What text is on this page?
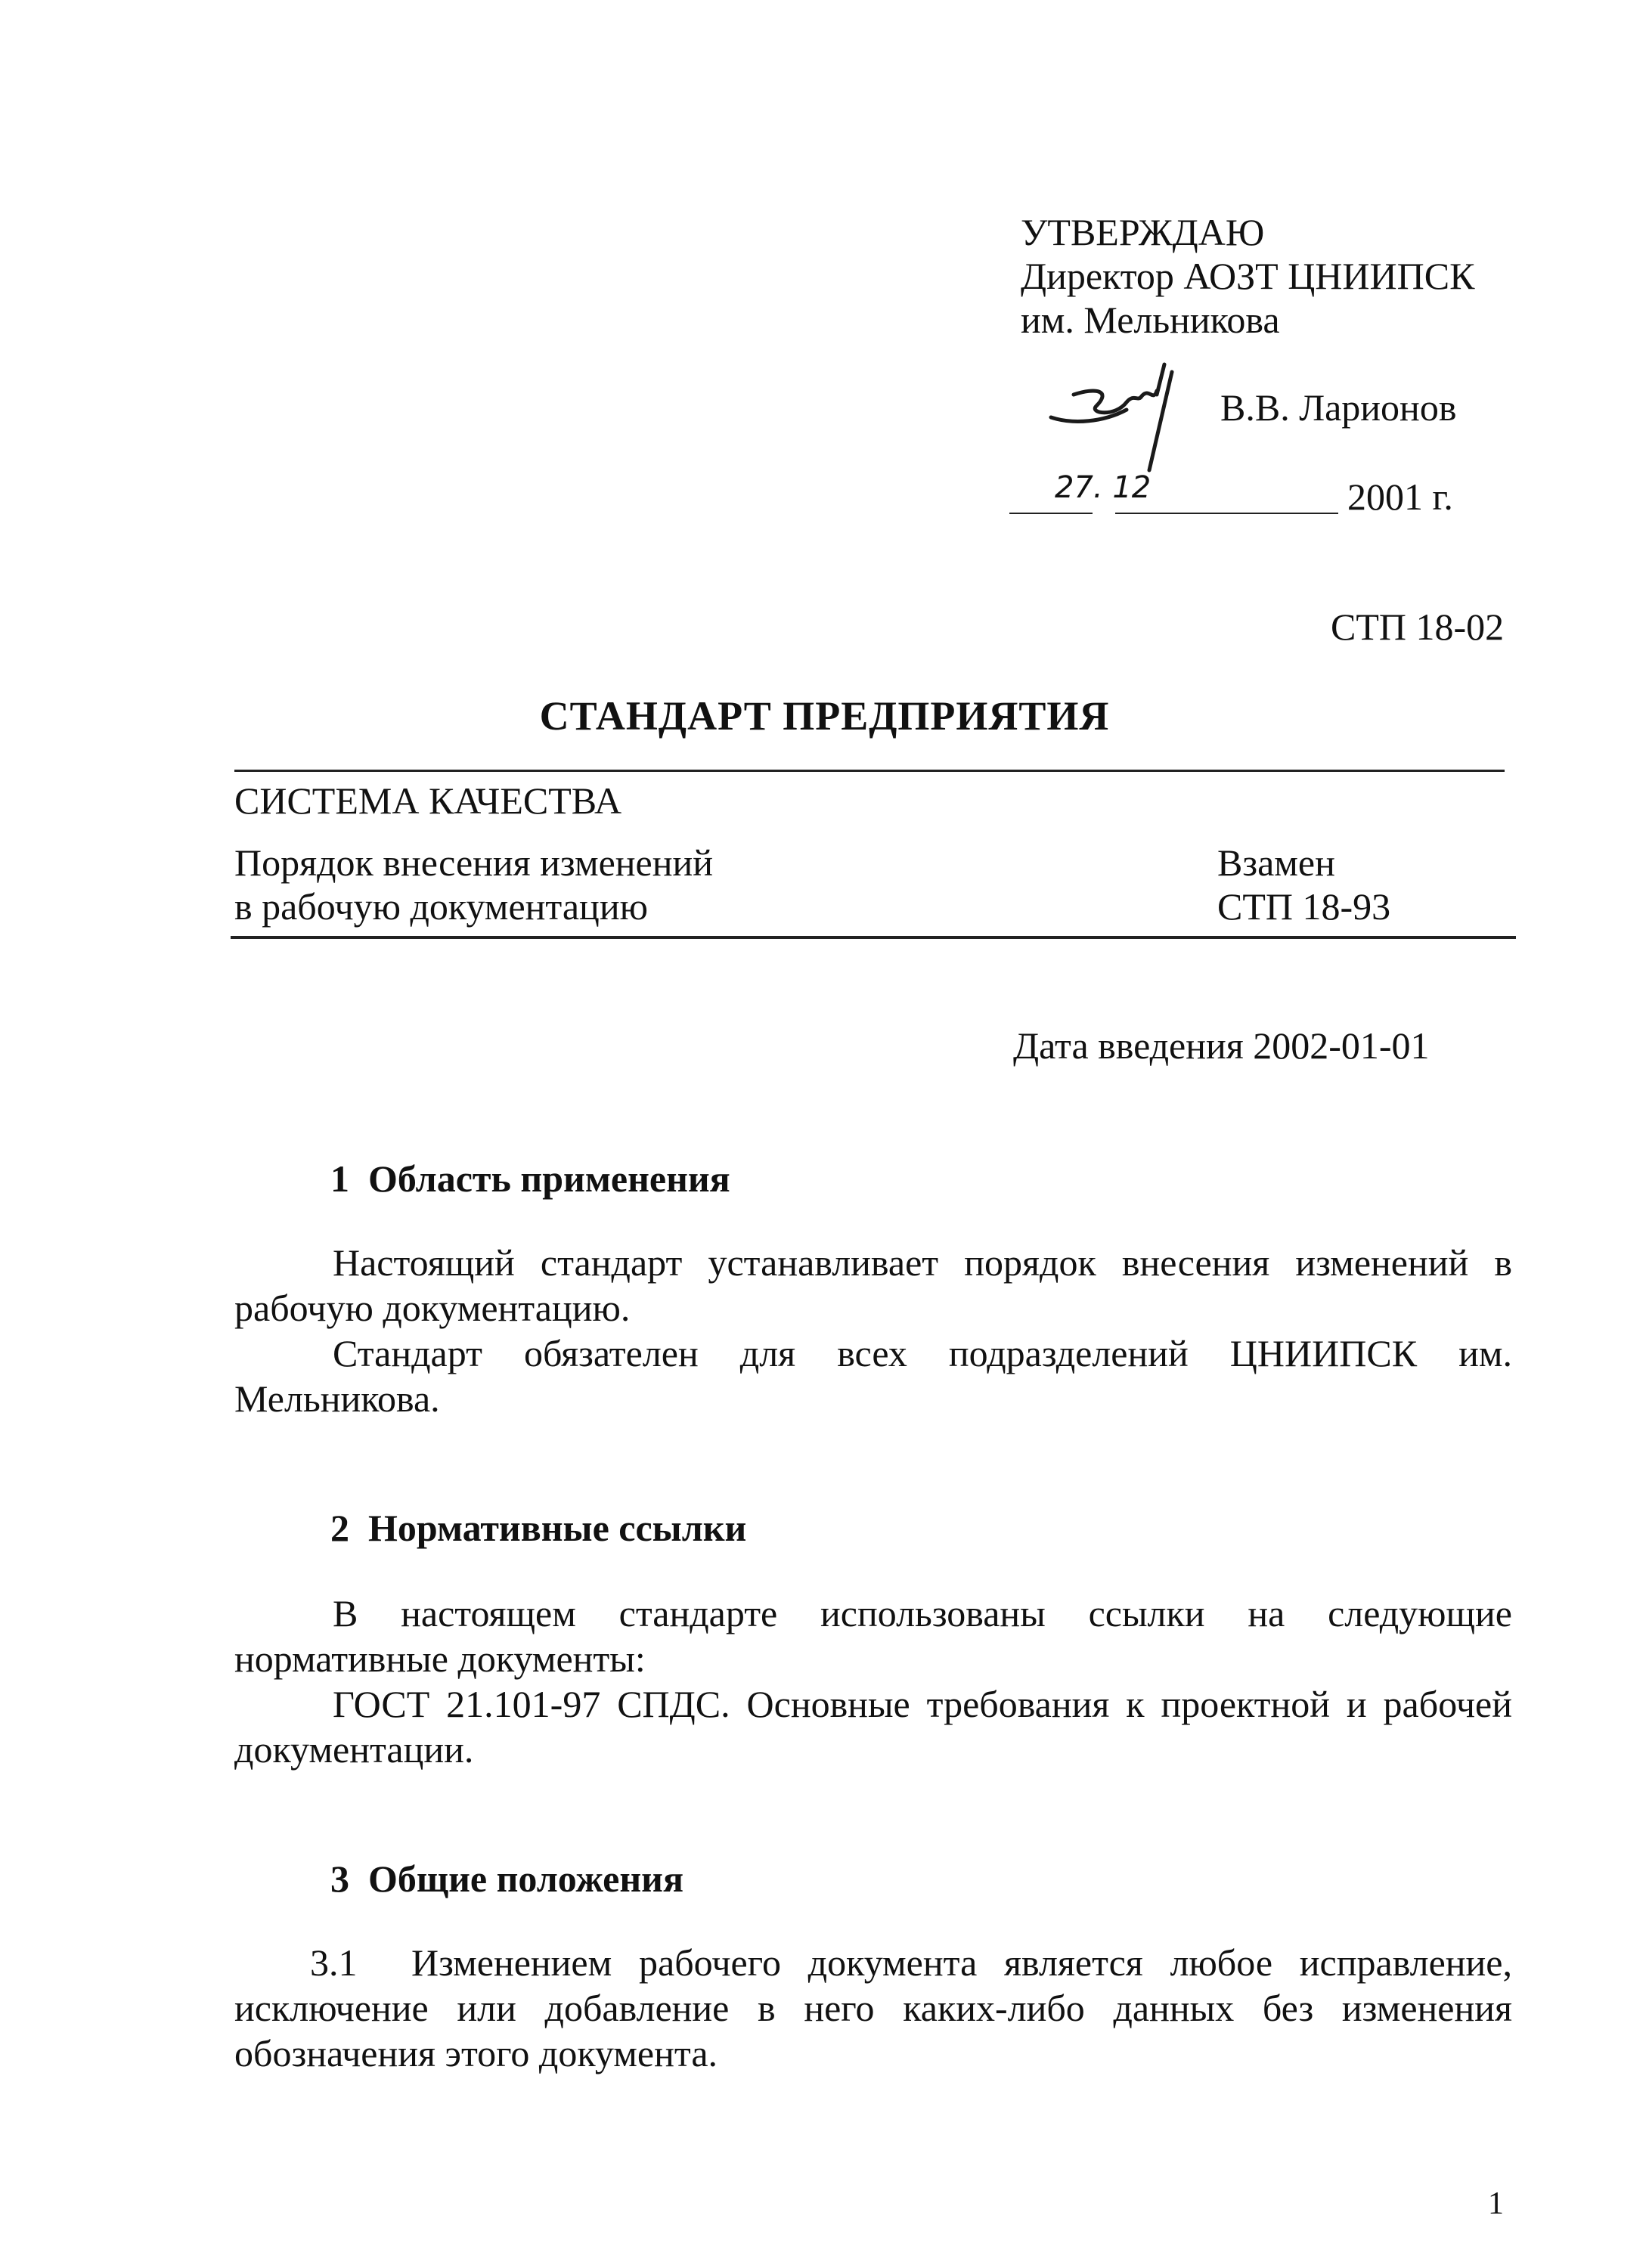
УТВЕРЖДАЮ
Директор АОЗТ ЦНИИПСК
им. Мельникова
В.В. Ларионов
27. 12	2001 г.
СТП 18-02
СТАНДАРТ ПРЕДПРИЯТИЯ
СИСТЕМА КАЧЕСТВА
Порядок внесения изменений
в рабочую документацию
Взамен
СТП 18-93
Дата введения 2002-01-01
1  Область применения
Настоящий стандарт устанавливает порядок внесения изменений в рабочую документацию.
Стандарт обязателен для всех подразделений ЦНИИПСК им. Мельникова.
2  Нормативные ссылки
В настоящем стандарте использованы ссылки на следующие нормативные документы:
ГОСТ 21.101-97 СПДС. Основные требования к проектной и рабочей документации.
3  Общие положения
3.1  Изменением рабочего документа является любое исправление, исключение или добавление в него каких-либо данных без изменения обозначения этого документа.
1
